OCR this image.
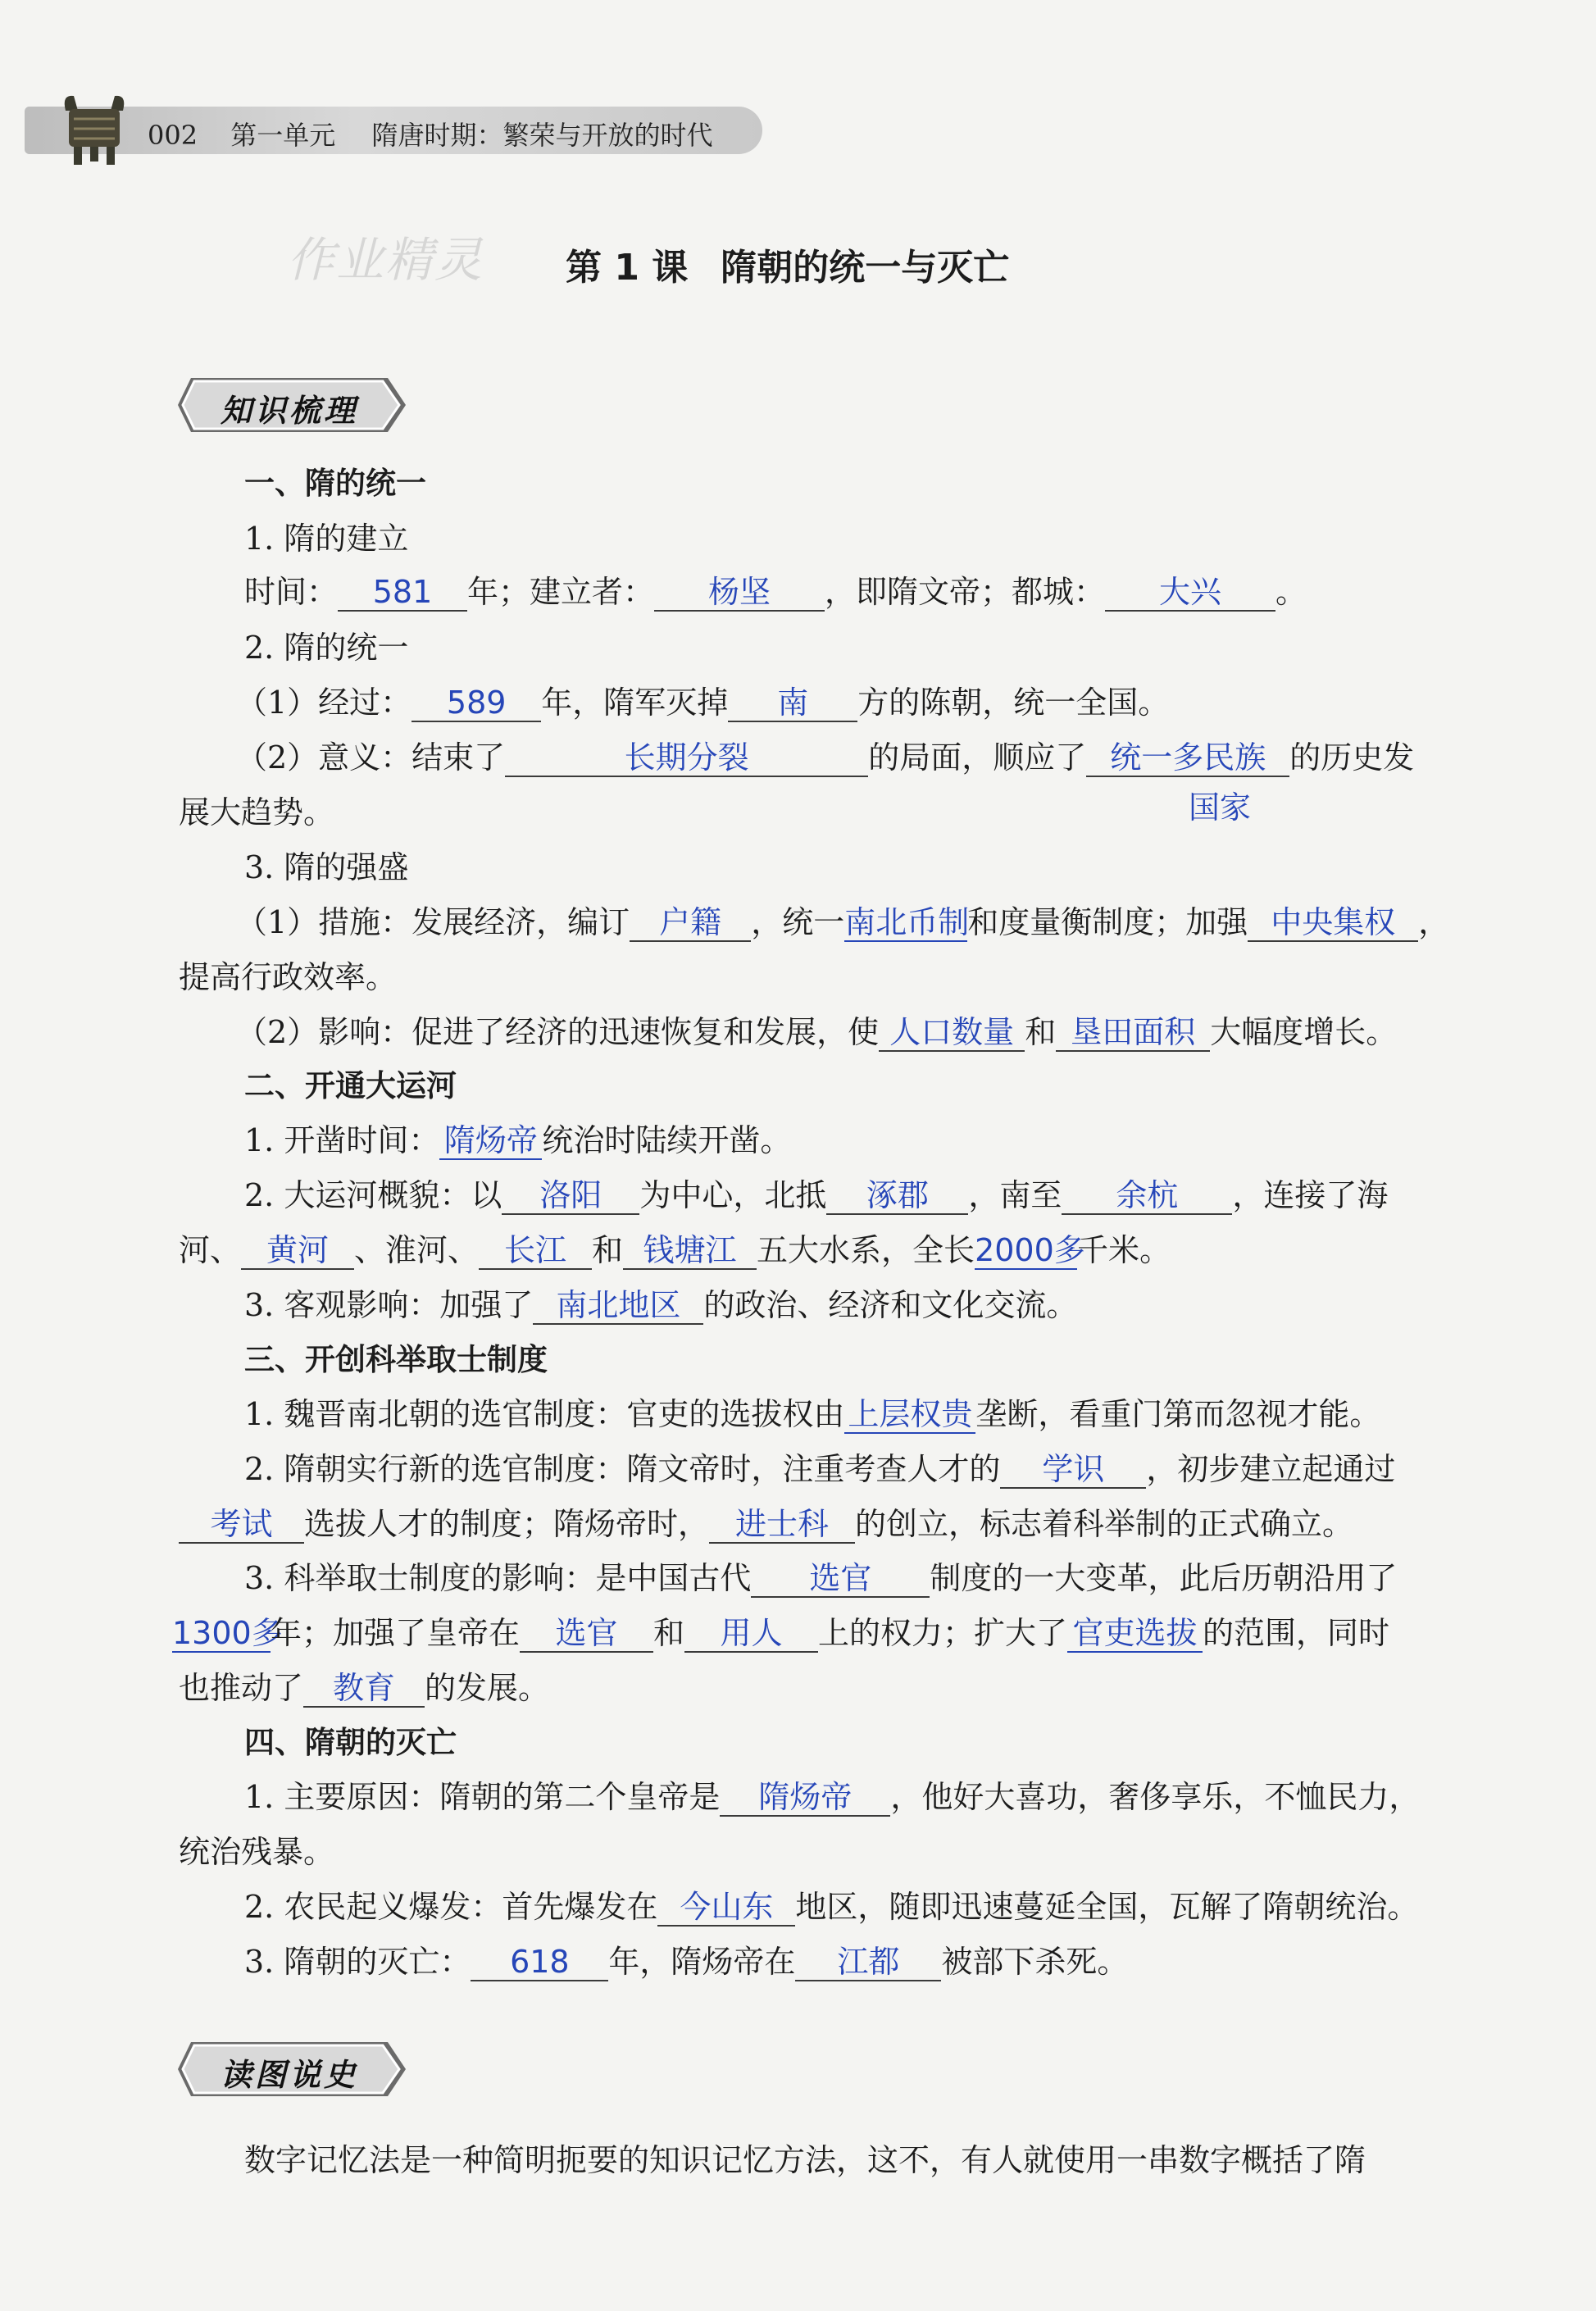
002 第一单元 隋唐时期：繁荣与开放的时代
作业精灵 第 1 课 隋朝的统一与灭亡
知识梳理
一、隋的统一
1. 隋的建立
时间： 581 年；建立者： 杨坚 ，即隋文帝；都城： 大兴 。
2. 隋的统一
（1）经过： 589 年，隋军灭掉 南 方的陈朝，统一全国。
（2）意义：结束了	长期分裂	的局面，顺应了 统一多民族 的历史发
国家
展大趋势。
3. 隋的强盛
（1）措施：发展经济，编订 户籍 ，统一南北币制和度量衡制度；加强 中央集权 ，
提高行政效率。
（2）影响：促进了经济的迅速恢复和发展，使 人口数量 和 垦田面积 大幅度增长。
二、开通大运河
1. 开凿时间： 隋炀帝 统治时陆续开凿。
2. 大运河概貌：以 洛阳 为中心，北抵 涿郡 ，南至 余杭 ，连接了海
河、 黄河 、淮河、 长江 和 钱塘江 五大水系，全长2000多千米。
3. 客观影响：加强了 南北地区 的政治、经济和文化交流。
三、开创科举取士制度
1. 魏晋南北朝的选官制度：官吏的选拔权由 上层权贵 垄断，看重门第而忽视才能。
2. 隋朝实行新的选官制度：隋文帝时，注重考查人才的 学识 ，初步建立起通过
考试 选拔人才的制度；隋炀帝时， 进士科 的创立，标志着科举制的正式确立。
3. 科举取士制度的影响：是中国古代 选官 制度的一大变革，此后历朝沿用了
1300多年；加强了皇帝在 选官 和 用人 上的权力；扩大了 官吏选拔 的范围，同时
也推动了 教育 的发展。
四、隋朝的灭亡
1. 主要原因：隋朝的第二个皇帝是 隋炀帝 ，他好大喜功，奢侈享乐，不恤民力，
统治残暴。
2. 农民起义爆发：首先爆发在 今山东 地区，随即迅速蔓延全国，瓦解了隋朝统治。
3. 隋朝的灭亡： 618 年，隋炀帝在 江都 被部下杀死。
读图说史
数字记忆法是一种简明扼要的知识记忆方法，这不，有人就使用一串数字概括了隋
